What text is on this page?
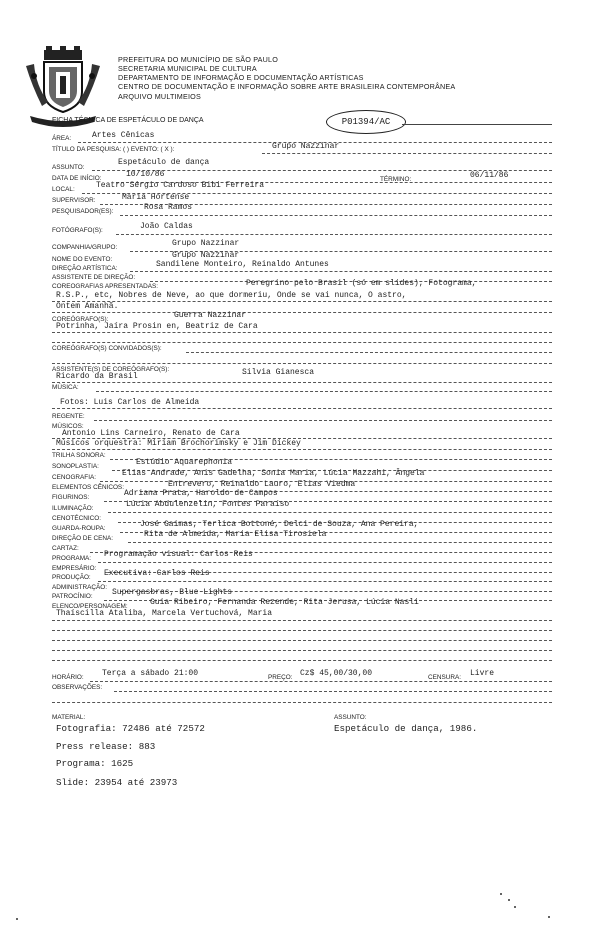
PREFEITURA DO MUNICÍPIO DE SÃO PAULO
SECRETARIA MUNICIPAL DE CULTURA
DEPARTAMENTO DE INFORMAÇÃO E DOCUMENTAÇÃO ARTÍSTICAS
CENTRO DE DOCUMENTAÇÃO E INFORMAÇÃO SOBRE ARTE BRASILEIRA CONTEMPORÂNEA
ARQUIVO MULTIMEIOS
FICHA TÉCNICA DE ESPETÁCULO DE DANÇA	P01394/AC
ÁREA:	Artes Cênicas
TÍTULO DA PESQUISA: ( ) EVENTO: ( X ):	Grupo Nazzinar
ASSUNTO:
Espetáculo de dança
DATA DE INÍCIO:	10/10/86
TÉRMINO:	06/11/86
LOCAL:	Teatro Sérgio Cardoso Bibi Ferreira
SUPERVISOR:	Maria Hortense
PESQUISADOR(ES):	Rosa Ramos
FOTÓGRAFO(S):	João Caldas
COMPANHIA/GRUPO:	Grupo Nazzinar
NOME DO EVENTO:	Grupo Nazzinar
DIREÇÃO ARTÍSTICA:	Sandilene Monteiro, Reinaldo Antunes
ASSISTENTE DE DIREÇÃO:
COREOGRAFIAS APRESENTADAS:	Peregrino pelo Brasil (só em slides), Fotograma,
R.S.P., etc, Nobres de Neve, ao que dormeriu, Onde se vai nunca, O astro,
Ontem Amanhã.
COREÓGRAFO(S):	Guerra Nazzinar
Potrinha, Jaíra Prosin en, Beatriz de Cara
COREÓGRAFO(S) CONVIDADOS(S):
ASSISTENTE(S) DE COREÓGRAFO(S):
Ricardo da Brasil	Silvia Gianesca
MÚSICA:
Fotos: Luis Carlos de Almeida
REGENTE:
MÚSICOS:
Antonio Lins Carneiro, Renato de Cara
Músicos orquestra: Miriam Brochorimsky e Jim Dickey
TRILHA SONORA:
SONOPLASTIA:	Estúdio Aquarephonia
CENOGRAFIA:	Elias Andrade, Anis Gadelha, Sonia Maria, Lúcia Mazzahi, Ângela
ELEMENTOS CÊNICOS:	Entrevero, Reinaldo Lauro, Elias Viedma
FIGURINOS:	Adriana Prata, Haroldo de Campos
ILUMINAÇÃO:	Lúcia Abdulenzelin, Fontes Paraíso
CENOTÉCNICO:
GUARDA-ROUPA:	José Gaimas, Terlica Bottoné, Delci de Souza, Ana Pereira,
DIREÇÃO DE CENA:	Rita de Almeida, Maria Elisa Tirosiela
CARTAZ:
PROGRAMA: Programação visual: Carlos Reis
EMPRESÁRIO:
PRODUÇÃO: Executiva: Carlos Reis
ADMINISTRAÇÃO:
PATROCÍNIO: Supergasbras, Blue Lights
ELENCO/PERSONAGEM:	Guia Ribeiro, Fernanda Rezende, Rita Jerusa, Lúcia Nasli
Thaíscilla Ataliba, Marcela Vertuchová, Maria
HORÁRIO: Terça a sábado 21:00	PREÇO: Cz$ 45,00/30,00	CENSURA: Livre
OBSERVAÇÕES:
MATERIAL:	ASSUNTO:
Fotografia: 72486 até 72572	Espetáculo de dança, 1986.
Press release: 883
Programa: 1625
Slide: 23954 até 23973
